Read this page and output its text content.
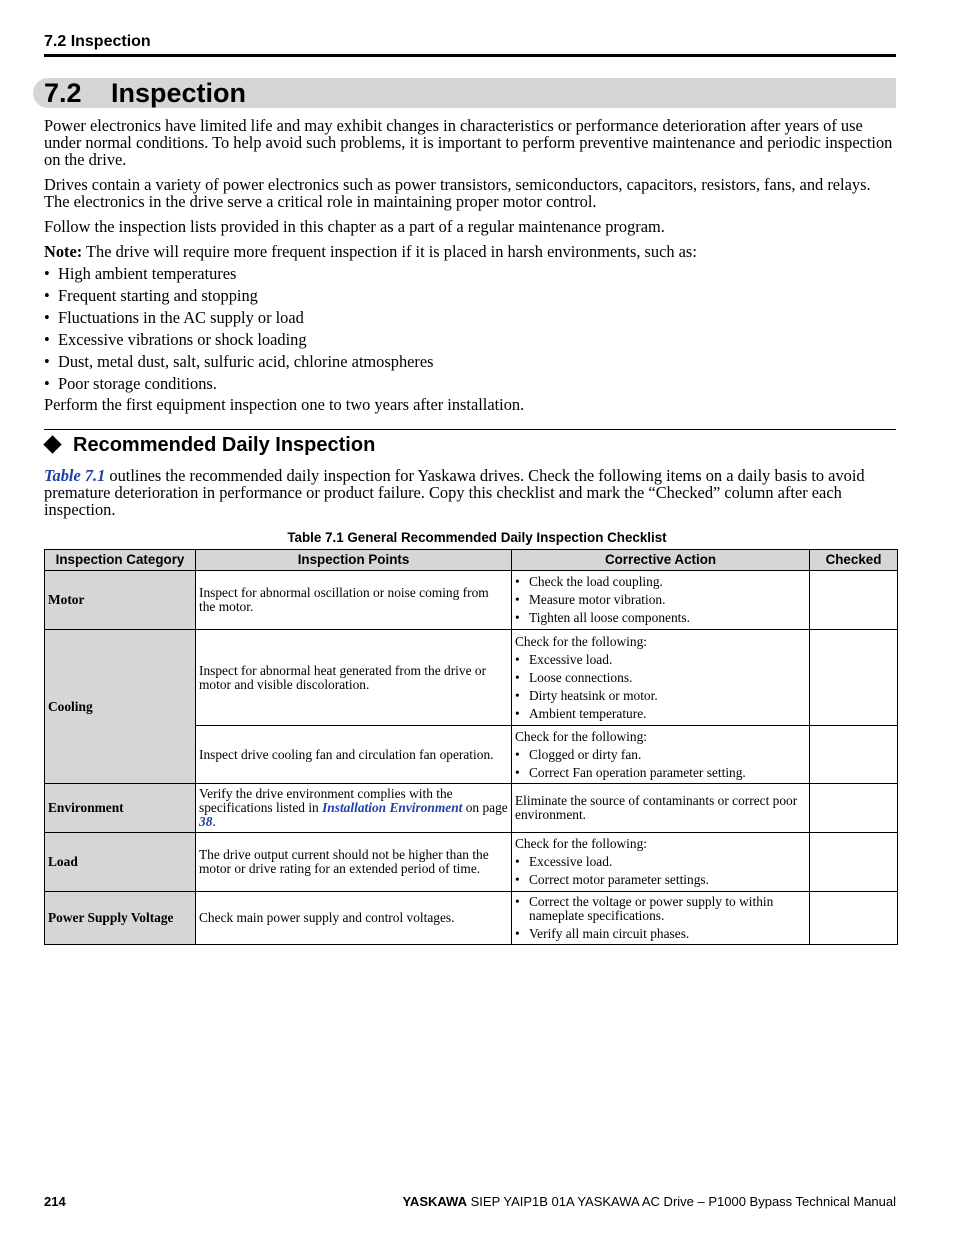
7.2 Inspection
7.2 Inspection

Power electronics have limited life and may exhibit changes in characteristics or performance deterioration after years of use under normal conditions. To help avoid such problems, it is important to perform preventive maintenance and periodic inspection on the drive.

Drives contain a variety of power electronics such as power transistors, semiconductors, capacitors, resistors, fans, and relays. The electronics in the drive serve a critical role in maintaining proper motor control.

Follow the inspection lists provided in this chapter as a part of a regular maintenance program.

Note: The drive will require more frequent inspection if it is placed in harsh environments, such as:

• High ambient temperatures
• Frequent starting and stopping
• Fluctuations in the AC supply or load
• Excessive vibrations or shock loading
• Dust, metal dust, salt, sulfuric acid, chlorine atmospheres
• Poor storage conditions.

Perform the first equipment inspection one to two years after installation.

Recommended Daily Inspection

Table 7.1 outlines the recommended daily inspection for Yaskawa drives. Check the following items on a daily basis to avoid premature deterioration in performance or product failure. Copy this checklist and mark the “Checked” column after each inspection.

Table 7.1 General Recommended Daily Inspection Checklist
Inspection Category	Inspection Points	Corrective Action	Checked
Motor	Inspect for abnormal oscillation or noise coming from the motor.	• Check the load coupling.
• Measure motor vibration.
• Tighten all loose components.	

Cooling	Inspect for abnormal heat generated from the drive or motor and visible discoloration.	Check for the following:
• Excessive load.
• Loose connections.
• Dirty heatsink or motor.
• Ambient temperature.	

	Inspect drive cooling fan and circulation fan operation.	Check for the following:
• Clogged or dirty fan.
• Correct Fan operation parameter setting.	

Environment	Verify the drive environment complies with the specifications listed in Installation Environment on page 38.	Eliminate the source of contaminants or correct poor environment.	
Load	The drive output current should not be higher than the motor or drive rating for an extended period of time.	Check for the following:
• Excessive load.
• Correct motor parameter settings.	

Power Supply Voltage	Check main power supply and control voltages.	• Correct the voltage or power supply to within nameplate specifications.
• Verify all main circuit phases.	

214	YASKAWA SIEP YAIP1B 01A YASKAWA AC Drive – P1000 Bypass Technical Manual
